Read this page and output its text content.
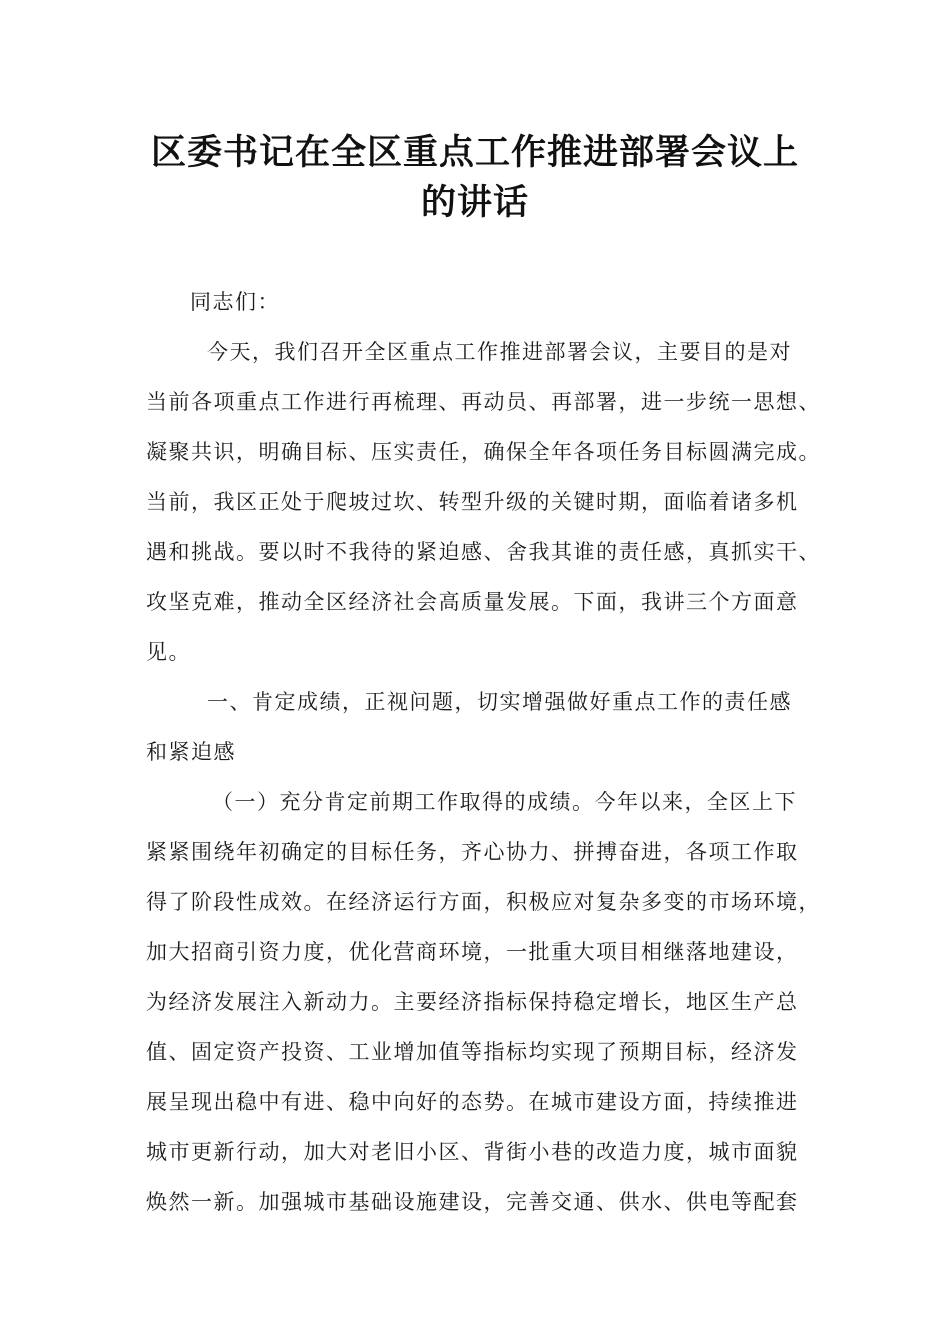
区委书记在全区重点工作推进部署会议上
的讲话
同志们：
今天，我们召开全区重点工作推进部署会议，主要目的是对
当前各项重点工作进行再梳理、再动员、再部署，进一步统一思想、
凝聚共识，明确目标、压实责任，确保全年各项任务目标圆满完成。
当前，我区正处于爬坡过坎、转型升级的关键时期，面临着诸多机
遇和挑战。要以时不我待的紧迫感、舍我其谁的责任感，真抓实干、
攻坚克难，推动全区经济社会高质量发展。下面，我讲三个方面意
见。
一、肯定成绩，正视问题，切实增强做好重点工作的责任感
和紧迫感
（一）充分肯定前期工作取得的成绩。今年以来，全区上下
紧紧围绕年初确定的目标任务，齐心协力、拼搏奋进，各项工作取
得了阶段性成效。在经济运行方面，积极应对复杂多变的市场环境，
加大招商引资力度，优化营商环境，一批重大项目相继落地建设，
为经济发展注入新动力。主要经济指标保持稳定增长，地区生产总
值、固定资产投资、工业增加值等指标均实现了预期目标，经济发
展呈现出稳中有进、稳中向好的态势。在城市建设方面，持续推进
城市更新行动，加大对老旧小区、背街小巷的改造力度，城市面貌
焕然一新。加强城市基础设施建设，完善交通、供水、供电等配套
